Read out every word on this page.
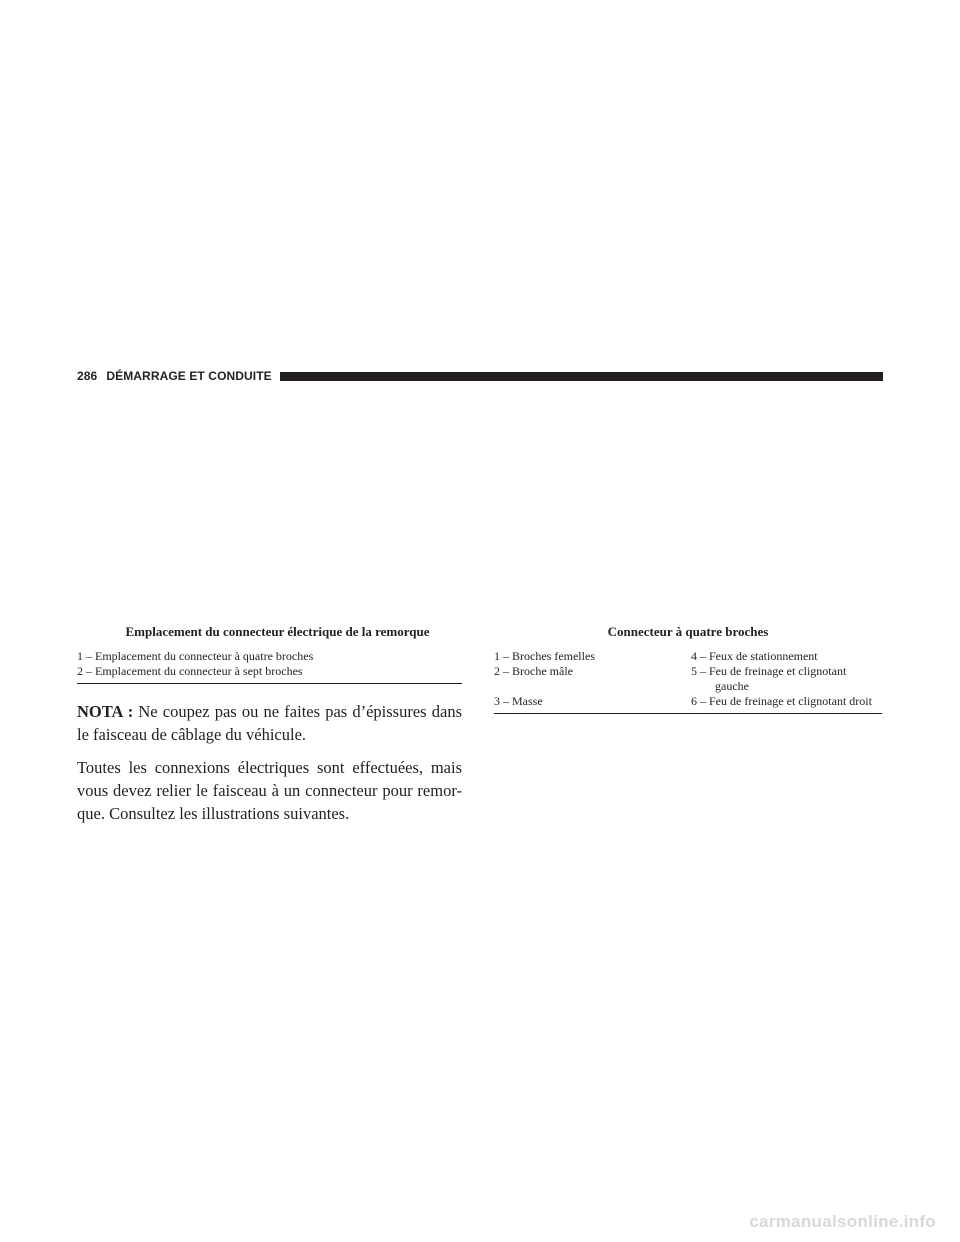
286 DÉMARRAGE ET CONDUITE
Emplacement du connecteur électrique de la remorque
1 – Emplacement du connecteur à quatre broches
2 – Emplacement du connecteur à sept broches

NOTA : Ne coupez pas ou ne faites pas d’épissures dans le faisceau de câblage du véhicule.

Toutes les connexions électriques sont effectuées, mais vous devez relier le faisceau à un connecteur pour remor-que. Consultez les illustrations suivantes.

Connecteur à quatre broches
1 – Broches femelles	4 – Feux de stationnement
2 – Broche mâle	5 – Feu de freinage et clignotant gauche
3 – Masse	6 – Feu de freinage et clignotant droit
carmanualsonline.info
